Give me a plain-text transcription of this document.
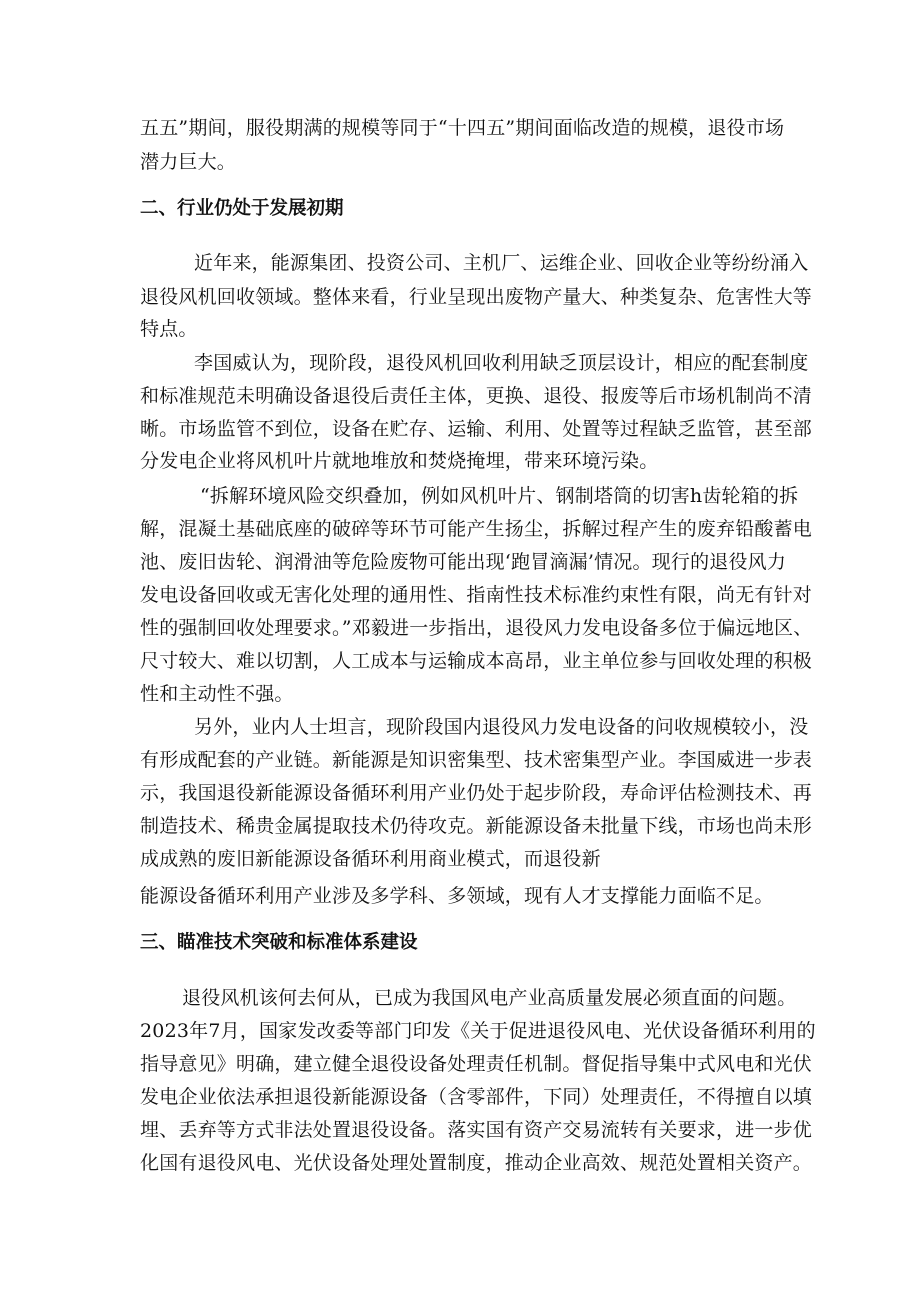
五五”期间，服役期满的规模等同于“十四五”期间面临改造的规模，退役市场
潜力巨大。
二、行业仍处于发展初期
近年来，能源集团、投资公司、主机厂、运维企业、回收企业等纷纷涌入
退役风机回收领域。整体来看，行业呈现出废物产量大、种类复杂、危害性大等
特点。
李国威认为，现阶段，退役风机回收利用缺乏顶层设计，相应的配套制度
和标准规范未明确设备退役后责任主体，更换、退役、报废等后市场机制尚不清
晰。市场监管不到位，设备在贮存、运输、利用、处置等过程缺乏监管，甚至部
分发电企业将风机叶片就地堆放和焚烧掩埋，带来环境污染。
“拆解环境风险交织叠加，例如风机叶片、钢制塔筒的切害h齿轮箱的拆
解，混凝土基础底座的破碎等环节可能产生扬尘，拆解过程产生的废弃铅酸蓄电
池、废旧齿轮、润滑油等危险废物可能出现‘跑冒滴漏’情况。现行的退役风力
发电设备回收或无害化处理的通用性、指南性技术标准约束性有限，尚无有针对
性的强制回收处理要求。”邓毅进一步指出，退役风力发电设备多位于偏远地区、
尺寸较大、难以切割，人工成本与运输成本高昂，业主单位参与回收处理的积极
性和主动性不强。
另外，业内人士坦言，现阶段国内退役风力发电设备的问收规模较小，没
有形成配套的产业链。新能源是知识密集型、技术密集型产业。李国威进一步表
示，我国退役新能源设备循环利用产业仍处于起步阶段，寿命评估检测技术、再
制造技术、稀贵金属提取技术仍待攻克。新能源设备未批量下线，市场也尚未形
成成熟的废旧新能源设备循环利用商业模式，而退役新
能源设备循环利用产业涉及多学科、多领域，现有人才支撑能力面临不足。
三、瞄准技术突破和标准体系建设
退役风机该何去何从，已成为我国风电产业高质量发展必须直面的问题。
2023年7月，国家发改委等部门印发《关于促进退役风电、光伏设备循环利用的
指导意见》明确，建立健全退役设备处理责任机制。督促指导集中式风电和光伏
发电企业依法承担退役新能源设备（含零部件，下同）处理责任，不得擅自以填
埋、丢弃等方式非法处置退役设备。落实国有资产交易流转有关要求，进一步优
化国有退役风电、光伏设备处理处置制度，推动企业高效、规范处置相关资产。
